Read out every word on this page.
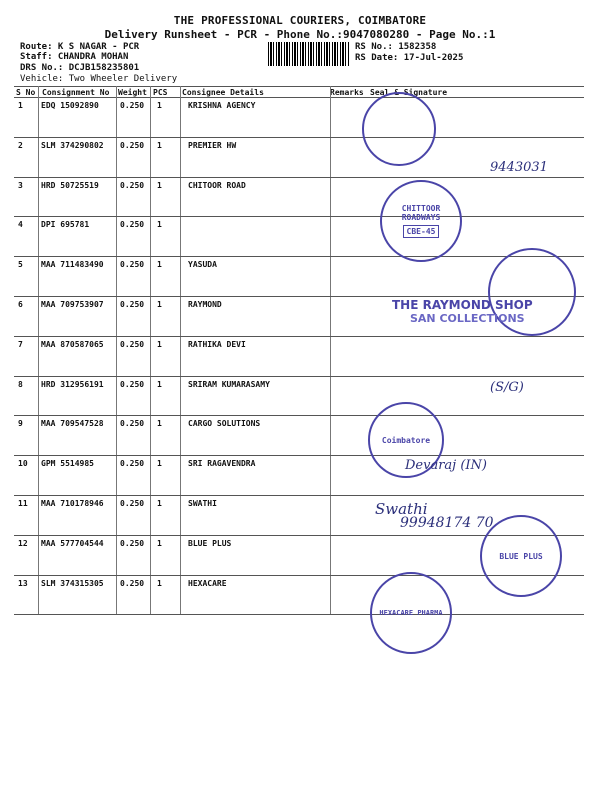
THE PROFESSIONAL COURIERS, COIMBATORE
Delivery Runsheet - PCR - Phone No.:9047080280 - Page No.:1
Route: K S NAGAR - PCR
Staff: CHANDRA MOHAN
DRS No.: DCJB158235801
Vehicle: Two Wheeler Delivery
RS No.: 1582358
RS Date: 17-Jul-2025
S No Consignment No Weight PCS Consignee Details	Remarks Seal & Signature
1 EDQ 15092890	0.250 1	KRISHNA AGENCY
2 SLM 374290802 0.250 1	PREMIER HW
3 HRD 50725519	0.250 1	CHITOOR ROAD
4 DPI 695781	0.250 1
5 MAA 711483490 0.250 1	YASUDA
6 MAA 709753907 0.250 1	RAYMOND
7 MAA 870587065 0.250 1	RATHIKA DEVI
8 HRD 312956191 0.250 1	SRIRAM KUMARASAMY
9 MAA 709547528 0.250 1	CARGO SOLUTIONS
10 GPM 5514985	0.250 1	SRI RAGAVENDRA
11 MAA 710178946 0.250 1	SWATHI
12 MAA 577704544 0.250 1	BLUE PLUS
13 SLM 374315305 0.250 1	HEXACARE
CHITTOOR ROADWAYS
CBE-45
THE RAYMOND SHOP
SAN COLLECTIONS
Coimbatore
BLUE PLUS
HEXACARE PHARMA
9443031
(S/G)
Devaraj (IN)
Swathi
99948174 70
